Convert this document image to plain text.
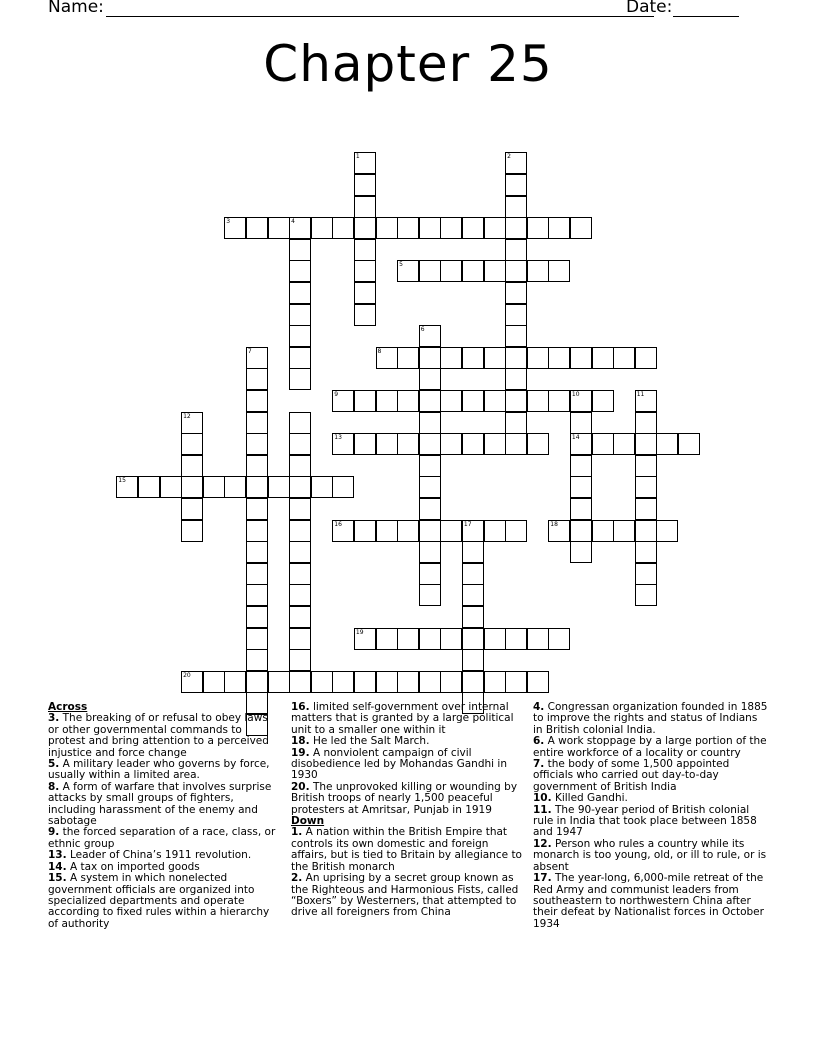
Name:	Date:
Chapter 25
3	4
5
8
9	10
13	14
15
16	17	18
19
20
1	2
6
7
11
12

Across

3. The breaking of or refusal to obey laws or other governmental commands to protest and bring attention to a perceived injustice and force change

5. A military leader who governs by force, usually within a limited area.

8. A form of warfare that involves surprise attacks by small groups of fighters, including harassment of the enemy and sabotage

9. the forced separation of a race, class, or ethnic group

13. Leader of China’s 1911 revolution.

14. A tax on imported goods

15. A system in which nonelected government officials are organized into specialized departments and operate according to fixed rules within a hierarchy of authority

16. limited self-government over internal matters that is granted by a large political unit to a smaller one within it

18. He led the Salt March.

19. A nonviolent campaign of civil disobedience led by Mohandas Gandhi in 1930

20. The unprovoked killing or wounding by British troops of nearly 1,500 peaceful protesters at Amritsar, Punjab in 1919

Down

1. A nation within the British Empire that controls its own domestic and foreign affairs, but is tied to Britain by allegiance to the British monarch

2. An uprising by a secret group known as the Righteous and Harmonious Fists, called “Boxers” by Westerners, that attempted to drive all foreigners from China

4. Congressan organization founded in 1885 to improve the rights and status of Indians in British colonial India.

6. A work stoppage by a large portion of the entire workforce of a locality or country

7. the body of some 1,500 appointed officials who carried out day-to-day government of British India

10. Killed Gandhi.

11. The 90-year period of British colonial rule in India that took place between 1858 and 1947

12. Person who rules a country while its monarch is too young, old, or ill to rule, or is absent

17. The year-long, 6,000-mile retreat of the Red Army and communist leaders from southeastern to northwestern China after their defeat by Nationalist forces in October 1934
